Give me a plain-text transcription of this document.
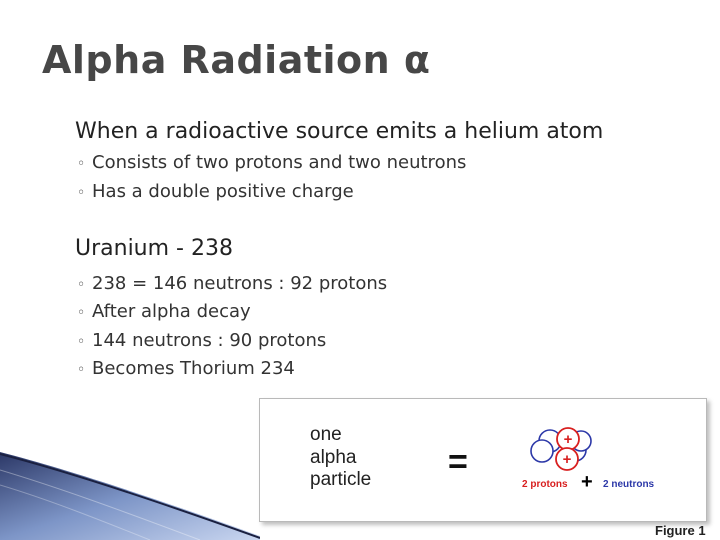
Alpha Radiation α
When a radioactive source emits a helium atom
◦ Consists of two protons and two neutrons
◦ Has a double positive charge
Uranium - 238
◦ 238 = 146 neutrons : 92 protons
◦ After alpha decay
◦ 144 neutrons : 90 protons
◦ Becomes Thorium 234
one
alpha
particle =
+
+
2 protons + 2 neutrons
Figure 1
